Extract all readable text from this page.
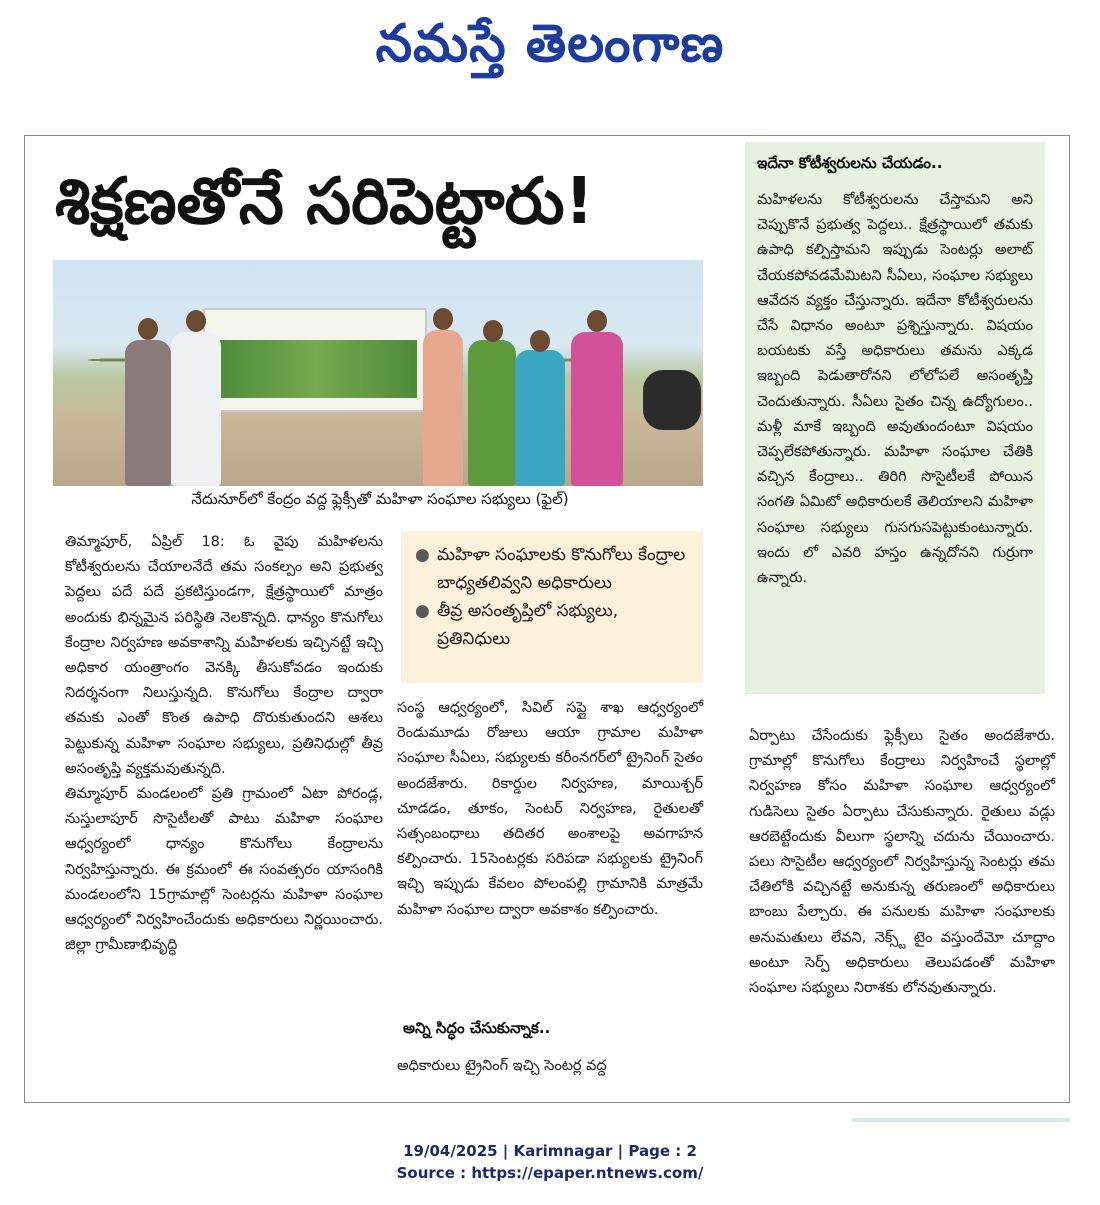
నమస్తే తెలంగాణ
శిక్షణతోనే సరిపెట్టారు!
నేదునూర్‌లో కేంద్రం వద్ద ఫ్లెక్సీతో మహిళా సంఘాల సభ్యులు (ఫైల్)

తిమ్మాపూర్‌, ఏప్రిల్‌ 18: ఓ వైపు మహిళలను కోటీశ్వరులను చేయాలనేదే తమ సంకల్పం అని ప్రభుత్వ పెద్దలు పదే పదే ప్రకటిస్తుండగా, క్షేత్రస్థాయిలో మాత్రం అందుకు భిన్నమైన పరిస్థితి నెలకొన్నది. ధాన్యం కొనుగోలు కేంద్రాల నిర్వహణ అవకాశాన్ని మహిళలకు ఇచ్చినట్టే ఇచ్చి అధికార యంత్రాంగం వెనక్కి తీసుకోవడం ఇందుకు నిదర్శనంగా నిలుస్తున్నది. కొనుగోలు కేంద్రాల ద్వారా తమకు ఎంతో కొంత ఉపాధి దొరుకుతుందని ఆశలు పెట్టుకున్న మహిళా సంఘాల సభ్యులు, ప్రతినిధుల్లో తీవ్ర అసంతృప్తి వ్యక్తమవుతున్నది.

తిమ్మాపూర్‌ మండలంలో ప్రతి గ్రామంలో ఏటా పోరండ్ల, నుస్తులాపూర్‌ సొసైటీలతో పాటు మహిళా సంఘాల ఆధ్వర్యంలో ధాన్యం కొనుగోలు కేంద్రాలను నిర్వహిస్తున్నారు. ఈ క్రమంలో ఈ సంవత్సరం యాసంగికి మండలంలోని 15గ్రామాల్లో సెంటర్లను మహిళా సంఘాల ఆధ్వర్యంలో నిర్వహించేందుకు అధికారులు నిర్ణయించారు. జిల్లా గ్రామీణాభివృద్ధి

● మహిళా సంఘాలకు కొనుగోలు కేంద్రాల బాధ్యతలివ్వని అధికారులు
● తీవ్ర అసంతృప్తిలో సభ్యులు, ప్రతినిధులు

సంస్థ ఆధ్వర్యంలో, సివిల్‌ సప్లై శాఖ ఆధ్వర్యంలో రెండుమూడు రోజులు ఆయా గ్రామాల మహిళా సంఘాల సీఏలు, సభ్యులకు కరీంనగర్‌లో ట్రైనింగ్‌ సైతం అందజేశారు. రికార్డుల నిర్వహణ, మాయిశ్చర్‌ చూడడం, తూకం, సెంటర్‌ నిర్వహణ, రైతులతో సత్సంబంధాలు తదితర అంశాలపై అవగాహన కల్పించారు. 15సెంటర్లకు సరిపడా సభ్యులకు ట్రైనింగ్‌ ఇచ్చి ఇప్పుడు కేవలం పోలంపల్లి గ్రామానికి మాత్రమే మహిళా సంఘాల ద్వారా అవకాశం కల్పించారు.

అన్ని సిద్ధం చేసుకున్నాక..

అధికారులు ట్రైనింగ్‌ ఇచ్చి సెంటర్ల వద్ద

ఇదేనా కోటీశ్వరులను చేయడం..
మహిళలను కోటీశ్వరులను చేస్తామని అని చెప్పుకొనే ప్రభుత్వ పెద్దలు.. క్షేత్రస్థాయిలో తమకు ఉపాధి కల్పిస్తామని ఇప్పుడు సెంటర్లు అలాట్‌ చేయకపోవడమేమిటని సీఏలు, సంఘాల సభ్యులు ఆవేదన వ్యక్తం చేస్తున్నారు. ఇదేనా కోటీశ్వరులను చేసే విధానం అంటూ ప్రశ్నిస్తున్నారు. విషయం బయటకు వస్తే అధికారులు తమను ఎక్కడ ఇబ్బంది పెడుతారోనని లోలోపలే అసంతృప్తి చెందుతున్నారు. సీఏలు సైతం చిన్న ఉద్యోగులం.. మళ్లీ మాకే ఇబ్బంది అవుతుందంటూ విషయం చెప్పలేకపోతున్నారు. మహిళా సంఘాల చేతికి వచ్చిన కేంద్రాలు.. తిరిగి సొసైటీలకే పోయిన సంగతి ఏమిటో అధికారులకే తెలియాలని మహిళా సంఘాల సభ్యులు గుసగుసపెట్టుకుంటున్నారు. ఇందు లో ఎవరి హస్తం ఉన్నదోనని గుర్రుగా ఉన్నారు.

ఏర్పాటు చేసేందుకు ఫ్లెక్సీలు సైతం అందజేశారు. గ్రామాల్లో కొనుగోలు కేంద్రాలు నిర్వహించే స్థలాల్లో నిర్వహణ కోసం మహిళా సంఘాల ఆధ్వర్యంలో గుడిసెలు సైతం ఏర్పాటు చేసుకున్నారు. రైతులు వడ్లు ఆరబెట్టేందుకు వీలుగా స్థలాన్ని చదును చేయించారు. పలు సొసైటీల ఆధ్వర్యంలో నిర్వహిస్తున్న సెంటర్లు తమ చేతిలోకి వచ్చినట్టే అనుకున్న తరుణంలో అధికారులు బాంబు పేల్చారు. ఈ పనులకు మహిళా సంఘాలకు అనుమతులు లేవని, నెక్స్ట్‌ టైం వస్తుందేమో చూద్దాం అంటూ సెర్ప్‌ అధికారులు తెలుపడంతో మహిళా సంఘాల సభ్యులు నిరాశకు లోనవుతున్నారు.

19/04/2025 | Karimnagar | Page : 2
Source : https://epaper.ntnews.com/
